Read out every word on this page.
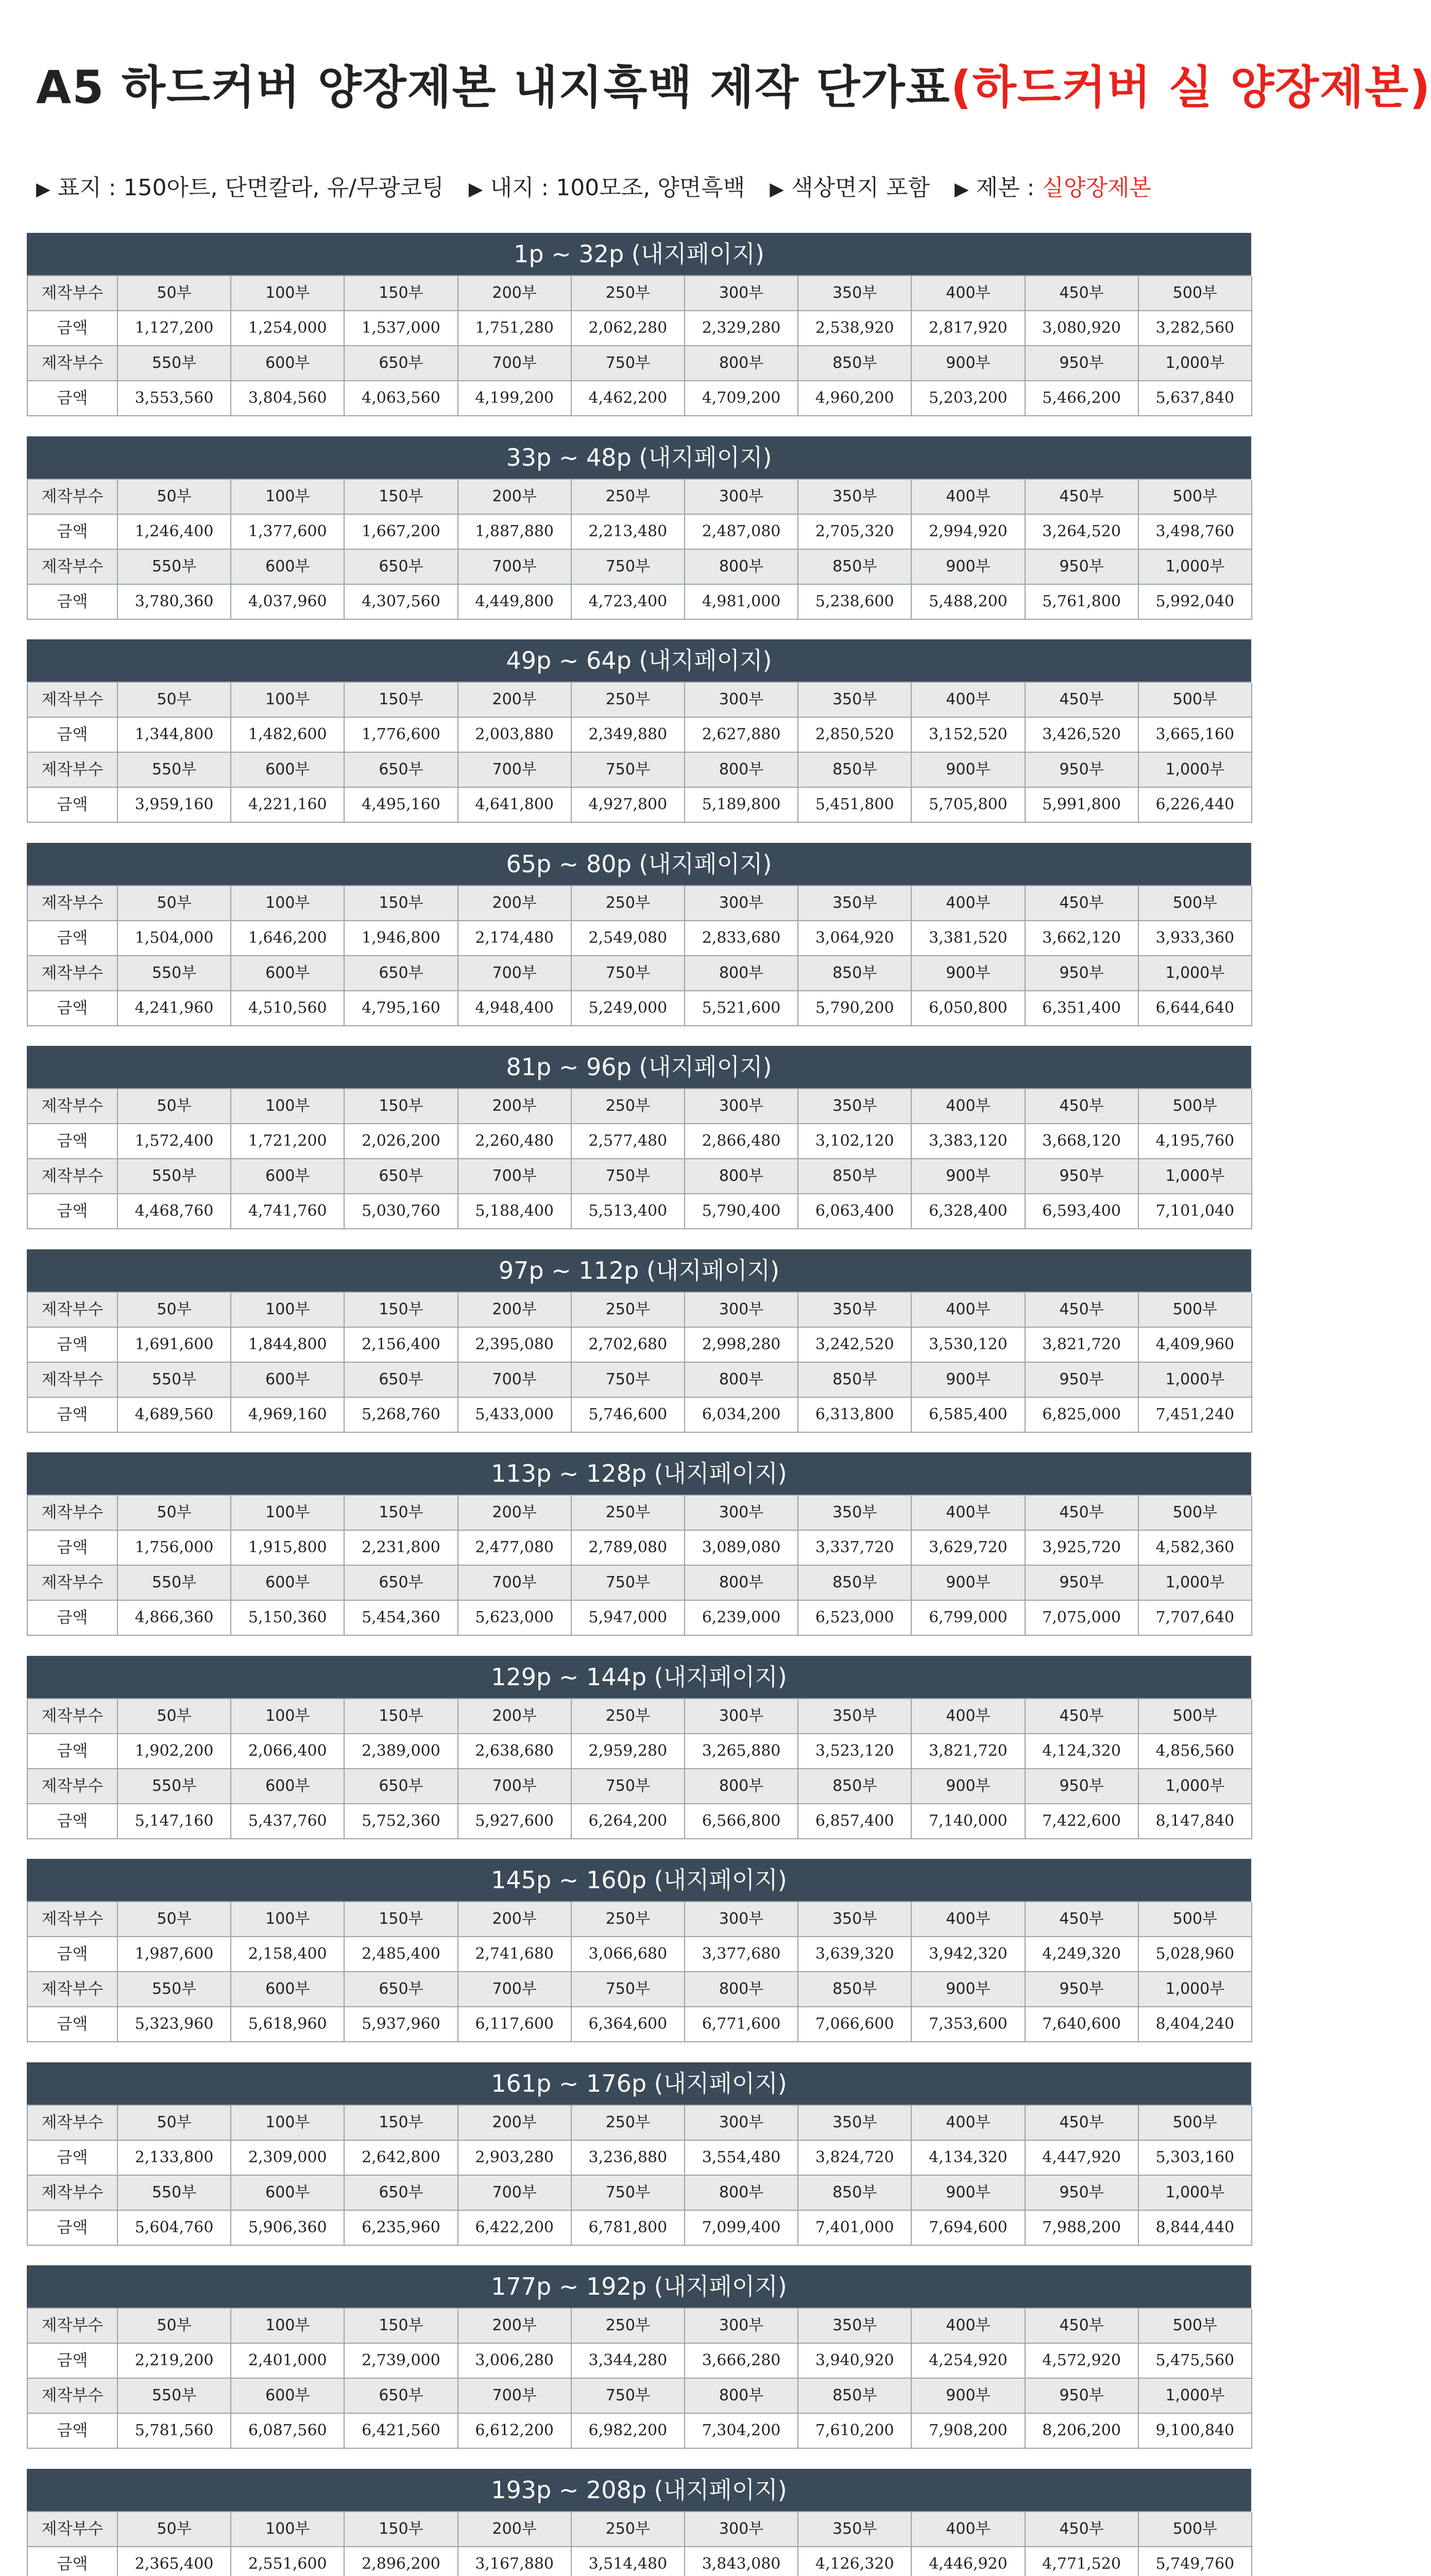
A5 하드커버 양장제본 내지흑백 제작 단가표(하드커버 실 양장제본)
▶ 표지 : 150아트, 단면칼라, 유/무광코팅 ▶ 내지 : 100모조, 양면흑백 ▶ 색상면지 포함 ▶ 제본 : 실양장제본
1p ~ 32p (내지페이지)
제작부수	50부	100부	150부	200부	250부	300부	350부	400부	450부	500부
금액	1,127,200	1,254,000	1,537,000	1,751,280	2,062,280	2,329,280	2,538,920	2,817,920	3,080,920	3,282,560
제작부수	550부	600부	650부	700부	750부	800부	850부	900부	950부	1,000부
금액	3,553,560	3,804,560	4,063,560	4,199,200	4,462,200	4,709,200	4,960,200	5,203,200	5,466,200	5,637,840
33p ~ 48p (내지페이지)
제작부수	50부	100부	150부	200부	250부	300부	350부	400부	450부	500부
금액	1,246,400	1,377,600	1,667,200	1,887,880	2,213,480	2,487,080	2,705,320	2,994,920	3,264,520	3,498,760
제작부수	550부	600부	650부	700부	750부	800부	850부	900부	950부	1,000부
금액	3,780,360	4,037,960	4,307,560	4,449,800	4,723,400	4,981,000	5,238,600	5,488,200	5,761,800	5,992,040
49p ~ 64p (내지페이지)
제작부수	50부	100부	150부	200부	250부	300부	350부	400부	450부	500부
금액	1,344,800	1,482,600	1,776,600	2,003,880	2,349,880	2,627,880	2,850,520	3,152,520	3,426,520	3,665,160
제작부수	550부	600부	650부	700부	750부	800부	850부	900부	950부	1,000부
금액	3,959,160	4,221,160	4,495,160	4,641,800	4,927,800	5,189,800	5,451,800	5,705,800	5,991,800	6,226,440
65p ~ 80p (내지페이지)
제작부수	50부	100부	150부	200부	250부	300부	350부	400부	450부	500부
금액	1,504,000	1,646,200	1,946,800	2,174,480	2,549,080	2,833,680	3,064,920	3,381,520	3,662,120	3,933,360
제작부수	550부	600부	650부	700부	750부	800부	850부	900부	950부	1,000부
금액	4,241,960	4,510,560	4,795,160	4,948,400	5,249,000	5,521,600	5,790,200	6,050,800	6,351,400	6,644,640
81p ~ 96p (내지페이지)
제작부수	50부	100부	150부	200부	250부	300부	350부	400부	450부	500부
금액	1,572,400	1,721,200	2,026,200	2,260,480	2,577,480	2,866,480	3,102,120	3,383,120	3,668,120	4,195,760
제작부수	550부	600부	650부	700부	750부	800부	850부	900부	950부	1,000부
금액	4,468,760	4,741,760	5,030,760	5,188,400	5,513,400	5,790,400	6,063,400	6,328,400	6,593,400	7,101,040
97p ~ 112p (내지페이지)
제작부수	50부	100부	150부	200부	250부	300부	350부	400부	450부	500부
금액	1,691,600	1,844,800	2,156,400	2,395,080	2,702,680	2,998,280	3,242,520	3,530,120	3,821,720	4,409,960
제작부수	550부	600부	650부	700부	750부	800부	850부	900부	950부	1,000부
금액	4,689,560	4,969,160	5,268,760	5,433,000	5,746,600	6,034,200	6,313,800	6,585,400	6,825,000	7,451,240
113p ~ 128p (내지페이지)
제작부수	50부	100부	150부	200부	250부	300부	350부	400부	450부	500부
금액	1,756,000	1,915,800	2,231,800	2,477,080	2,789,080	3,089,080	3,337,720	3,629,720	3,925,720	4,582,360
제작부수	550부	600부	650부	700부	750부	800부	850부	900부	950부	1,000부
금액	4,866,360	5,150,360	5,454,360	5,623,000	5,947,000	6,239,000	6,523,000	6,799,000	7,075,000	7,707,640
129p ~ 144p (내지페이지)
제작부수	50부	100부	150부	200부	250부	300부	350부	400부	450부	500부
금액	1,902,200	2,066,400	2,389,000	2,638,680	2,959,280	3,265,880	3,523,120	3,821,720	4,124,320	4,856,560
제작부수	550부	600부	650부	700부	750부	800부	850부	900부	950부	1,000부
금액	5,147,160	5,437,760	5,752,360	5,927,600	6,264,200	6,566,800	6,857,400	7,140,000	7,422,600	8,147,840
145p ~ 160p (내지페이지)
제작부수	50부	100부	150부	200부	250부	300부	350부	400부	450부	500부
금액	1,987,600	2,158,400	2,485,400	2,741,680	3,066,680	3,377,680	3,639,320	3,942,320	4,249,320	5,028,960
제작부수	550부	600부	650부	700부	750부	800부	850부	900부	950부	1,000부
금액	5,323,960	5,618,960	5,937,960	6,117,600	6,364,600	6,771,600	7,066,600	7,353,600	7,640,600	8,404,240
161p ~ 176p (내지페이지)
제작부수	50부	100부	150부	200부	250부	300부	350부	400부	450부	500부
금액	2,133,800	2,309,000	2,642,800	2,903,280	3,236,880	3,554,480	3,824,720	4,134,320	4,447,920	5,303,160
제작부수	550부	600부	650부	700부	750부	800부	850부	900부	950부	1,000부
금액	5,604,760	5,906,360	6,235,960	6,422,200	6,781,800	7,099,400	7,401,000	7,694,600	7,988,200	8,844,440
177p ~ 192p (내지페이지)
제작부수	50부	100부	150부	200부	250부	300부	350부	400부	450부	500부
금액	2,219,200	2,401,000	2,739,000	3,006,280	3,344,280	3,666,280	3,940,920	4,254,920	4,572,920	5,475,560
제작부수	550부	600부	650부	700부	750부	800부	850부	900부	950부	1,000부
금액	5,781,560	6,087,560	6,421,560	6,612,200	6,982,200	7,304,200	7,610,200	7,908,200	8,206,200	9,100,840
193p ~ 208p (내지페이지)
제작부수	50부	100부	150부	200부	250부	300부	350부	400부	450부	500부
금액	2,365,400	2,551,600	2,896,200	3,167,880	3,514,480	3,843,080	4,126,320	4,446,920	4,771,520	5,749,760
